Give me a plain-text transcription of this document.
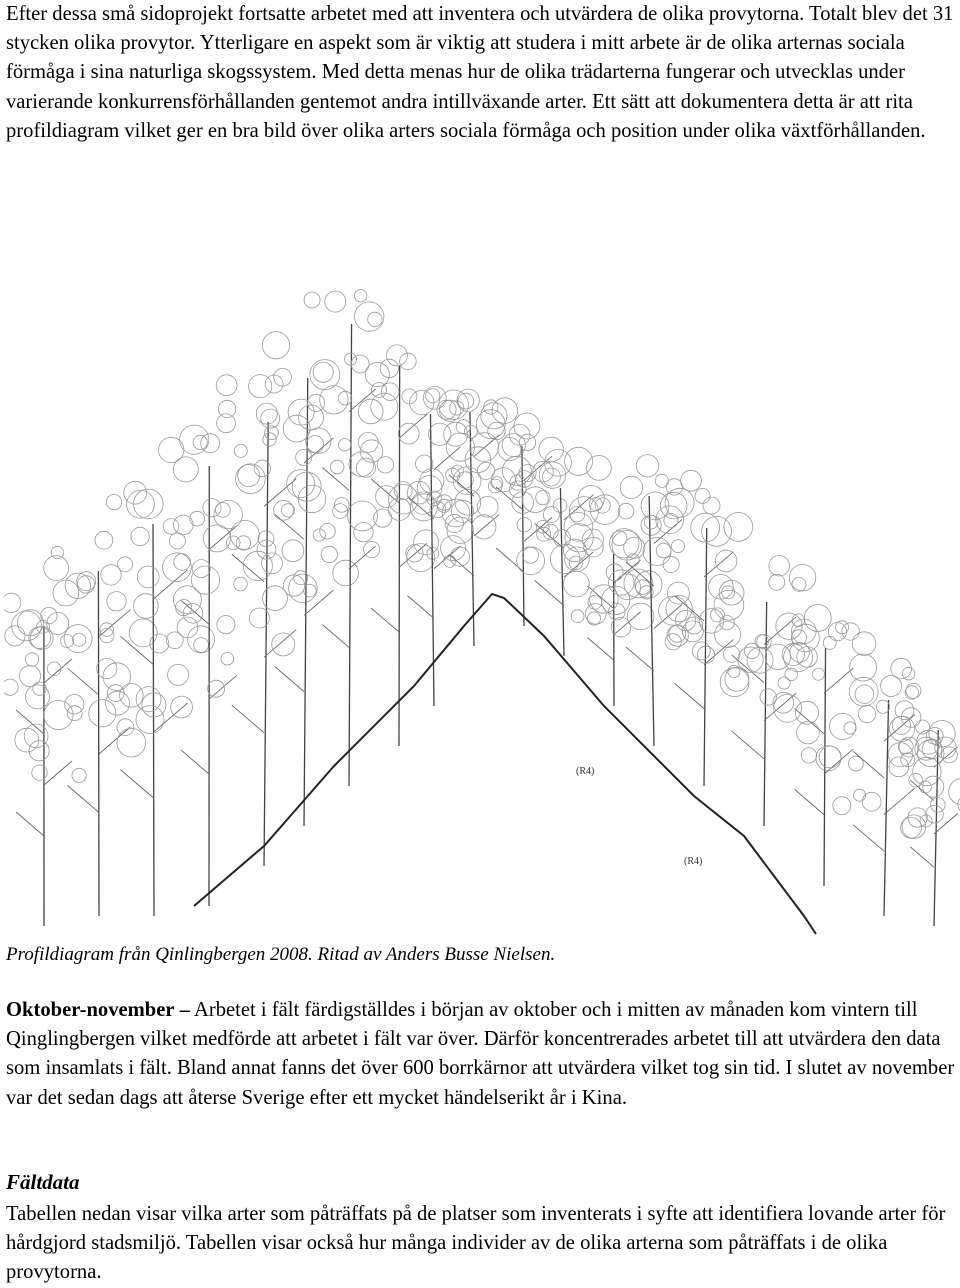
Efter dessa små sidoprojekt fortsatte arbetet med att inventera och utvärdera de olika provytorna. Totalt blev det 31 stycken olika provytor. Ytterligare en aspekt som är viktig att studera i mitt arbete är de olika arternas sociala förmåga i sina naturliga skogssystem. Med detta menas hur de olika trädarterna fungerar och utvecklas under varierande konkurrensförhållanden gentemot andra intillväxande arter. Ett sätt att dokumentera detta är att rita profildiagram vilket ger en bra bild över olika arters sociala förmåga och position under olika växtförhållanden.

(R4)
(R4)

Profildiagram från Qinlingbergen 2008. Ritad av Anders Busse Nielsen.

Oktober-november – Arbetet i fält färdigställdes i början av oktober och i mitten av månaden kom vintern till Qinglingbergen vilket medförde att arbetet i fält var över. Därför koncentrerades arbetet till att utvärdera den data som insamlats i fält. Bland annat fanns det över 600 borrkärnor att utvärdera vilket tog sin tid. I slutet av november var det sedan dags att återse Sverige efter ett mycket händelserikt år i Kina.

Fältdata

Tabellen nedan visar vilka arter som påträffats på de platser som inventerats i syfte att identifiera lovande arter för hårdgjord stadsmiljö. Tabellen visar också hur många individer av de olika arterna som påträffats i de olika provytorna.
